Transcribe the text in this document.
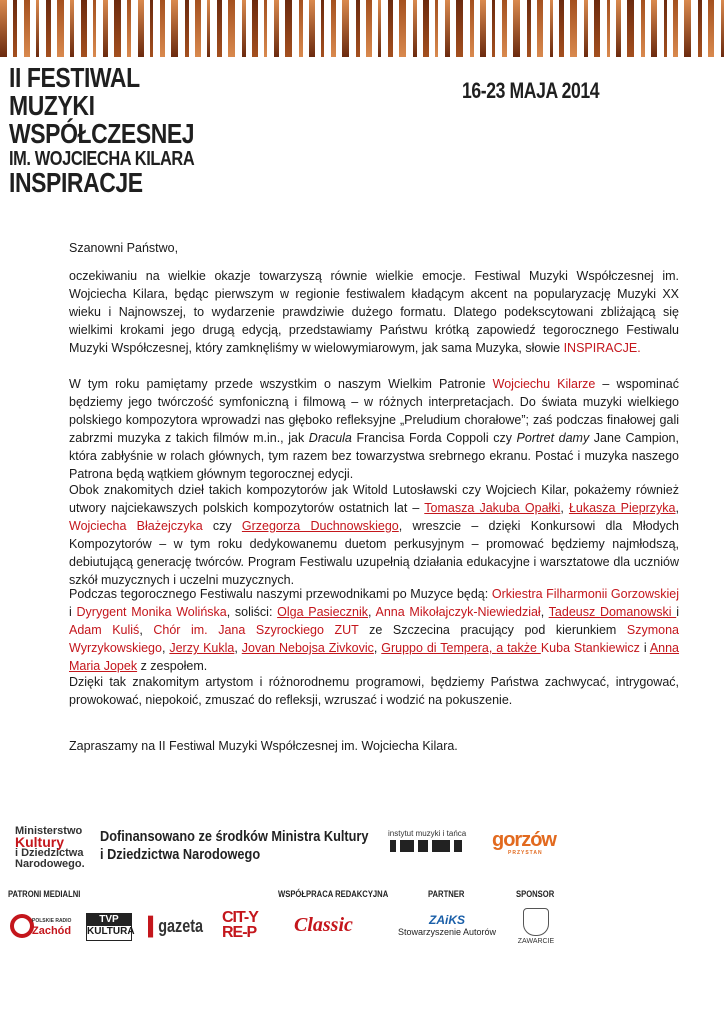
II FESTIWAL
MUZYKI
WSPÓŁCZESNEJ
IM. WOJCIECHA KILARA
INSPIRACJE
16-23 MAJA 2014

Szanowni Państwo,

oczekiwaniu na wielkie okazje towarzyszą równie wielkie emocje. Festiwal Muzyki Współczesnej im. Wojciecha Kilara, będąc pierwszym w regionie festiwalem kładącym akcent na popularyzację Muzyki XX wieku i Najnowszej, to wydarzenie prawdziwie dużego formatu. Dlatego podekscytowani zbliżającą się wielkimi krokami jego drugą edycją, przedstawiamy Państwu krótką zapowiedź tegorocznego Festiwalu Muzyki Współczesnej, który zamknęliśmy w wielowymiarowym, jak sama Muzyka, słowie INSPIRACJE.

W tym roku pamiętamy przede wszystkim o naszym Wielkim Patronie Wojciechu Kilarze – wspominać będziemy jego twórczość symfoniczną i filmową – w różnych interpretacjach. Do świata muzyki wielkiego polskiego kompozytora wprowadzi nas głęboko refleksyjne „Preludium chorałowe”; zaś podczas finałowej gali zabrzmi muzyka z takich filmów m.in., jak Dracula Francisa Forda Coppoli czy Portret damy Jane Campion, która zabłyśnie w rolach głównych, tym razem bez towarzystwa srebrnego ekranu. Postać i muzyka naszego Patrona będą wątkiem głównym tegorocznej edycji.

Obok znakomitych dzieł takich kompozytorów jak Witold Lutosławski czy Wojciech Kilar, pokażemy również utwory najciekawszych polskich kompozytorów ostatnich lat – Tomasza Jakuba Opałki, Łukasza Pieprzyka, Wojciecha Błażejczyka czy Grzegorza Duchnowskiego, wreszcie – dzięki Konkursowi dla Młodych Kompozytorów – w tym roku dedykowanemu duetom perkusyjnym – promować będziemy najmłodszą, debiutującą generację twórców. Program Festiwalu uzupełnią działania edukacyjne i warsztatowe dla uczniów szkół muzycznych i uczelni muzycznych.

Podczas tegorocznego Festiwalu naszymi przewodnikami po Muzyce będą: Orkiestra Filharmonii Gorzowskiej i Dyrygent Monika Wolińska, soliści: Olga Pasiecznik, Anna Mikołajczyk-Niewiedział, Tadeusz Domanowski i Adam Kuliś, Chór im. Jana Szyrockiego ZUT ze Szczecina pracujący pod kierunkiem Szymona Wyrzykowskiego, Jerzy Kukla, Jovan Nebojsa Zivkovic, Gruppo di Tempera, a także Kuba Stankiewicz i Anna Maria Jopek z zespołem.

Dzięki tak znakomitym artystom i różnorodnemu programowi, będziemy Państwa zachwycać, intrygować, prowokować, niepokoić, zmuszać do refleksji, wzruszać i wodzić na pokuszenie.

Zapraszamy na II Festiwal Muzyki Współczesnej im. Wojciecha Kilara.

Ministerstwo
Kultury
i Dziedzictwa
Narodowego.
Dofinansowano ze środków Ministra Kultury
i Dziedzictwa Narodowego
instytut muzyki i tańca gorzów
PRZYSTAN
PATRONI MEDIALNI	WSPÓŁPRACA REDAKCYJNA	PARTNER	SPONSOR
POLSKIE RADIO
Zachód
TVP
KULTURA ▌gazeta CIT-Y
RE-P Classic	ZAiKS
Stowarzyszenie Autorów
ZAWARCIE
